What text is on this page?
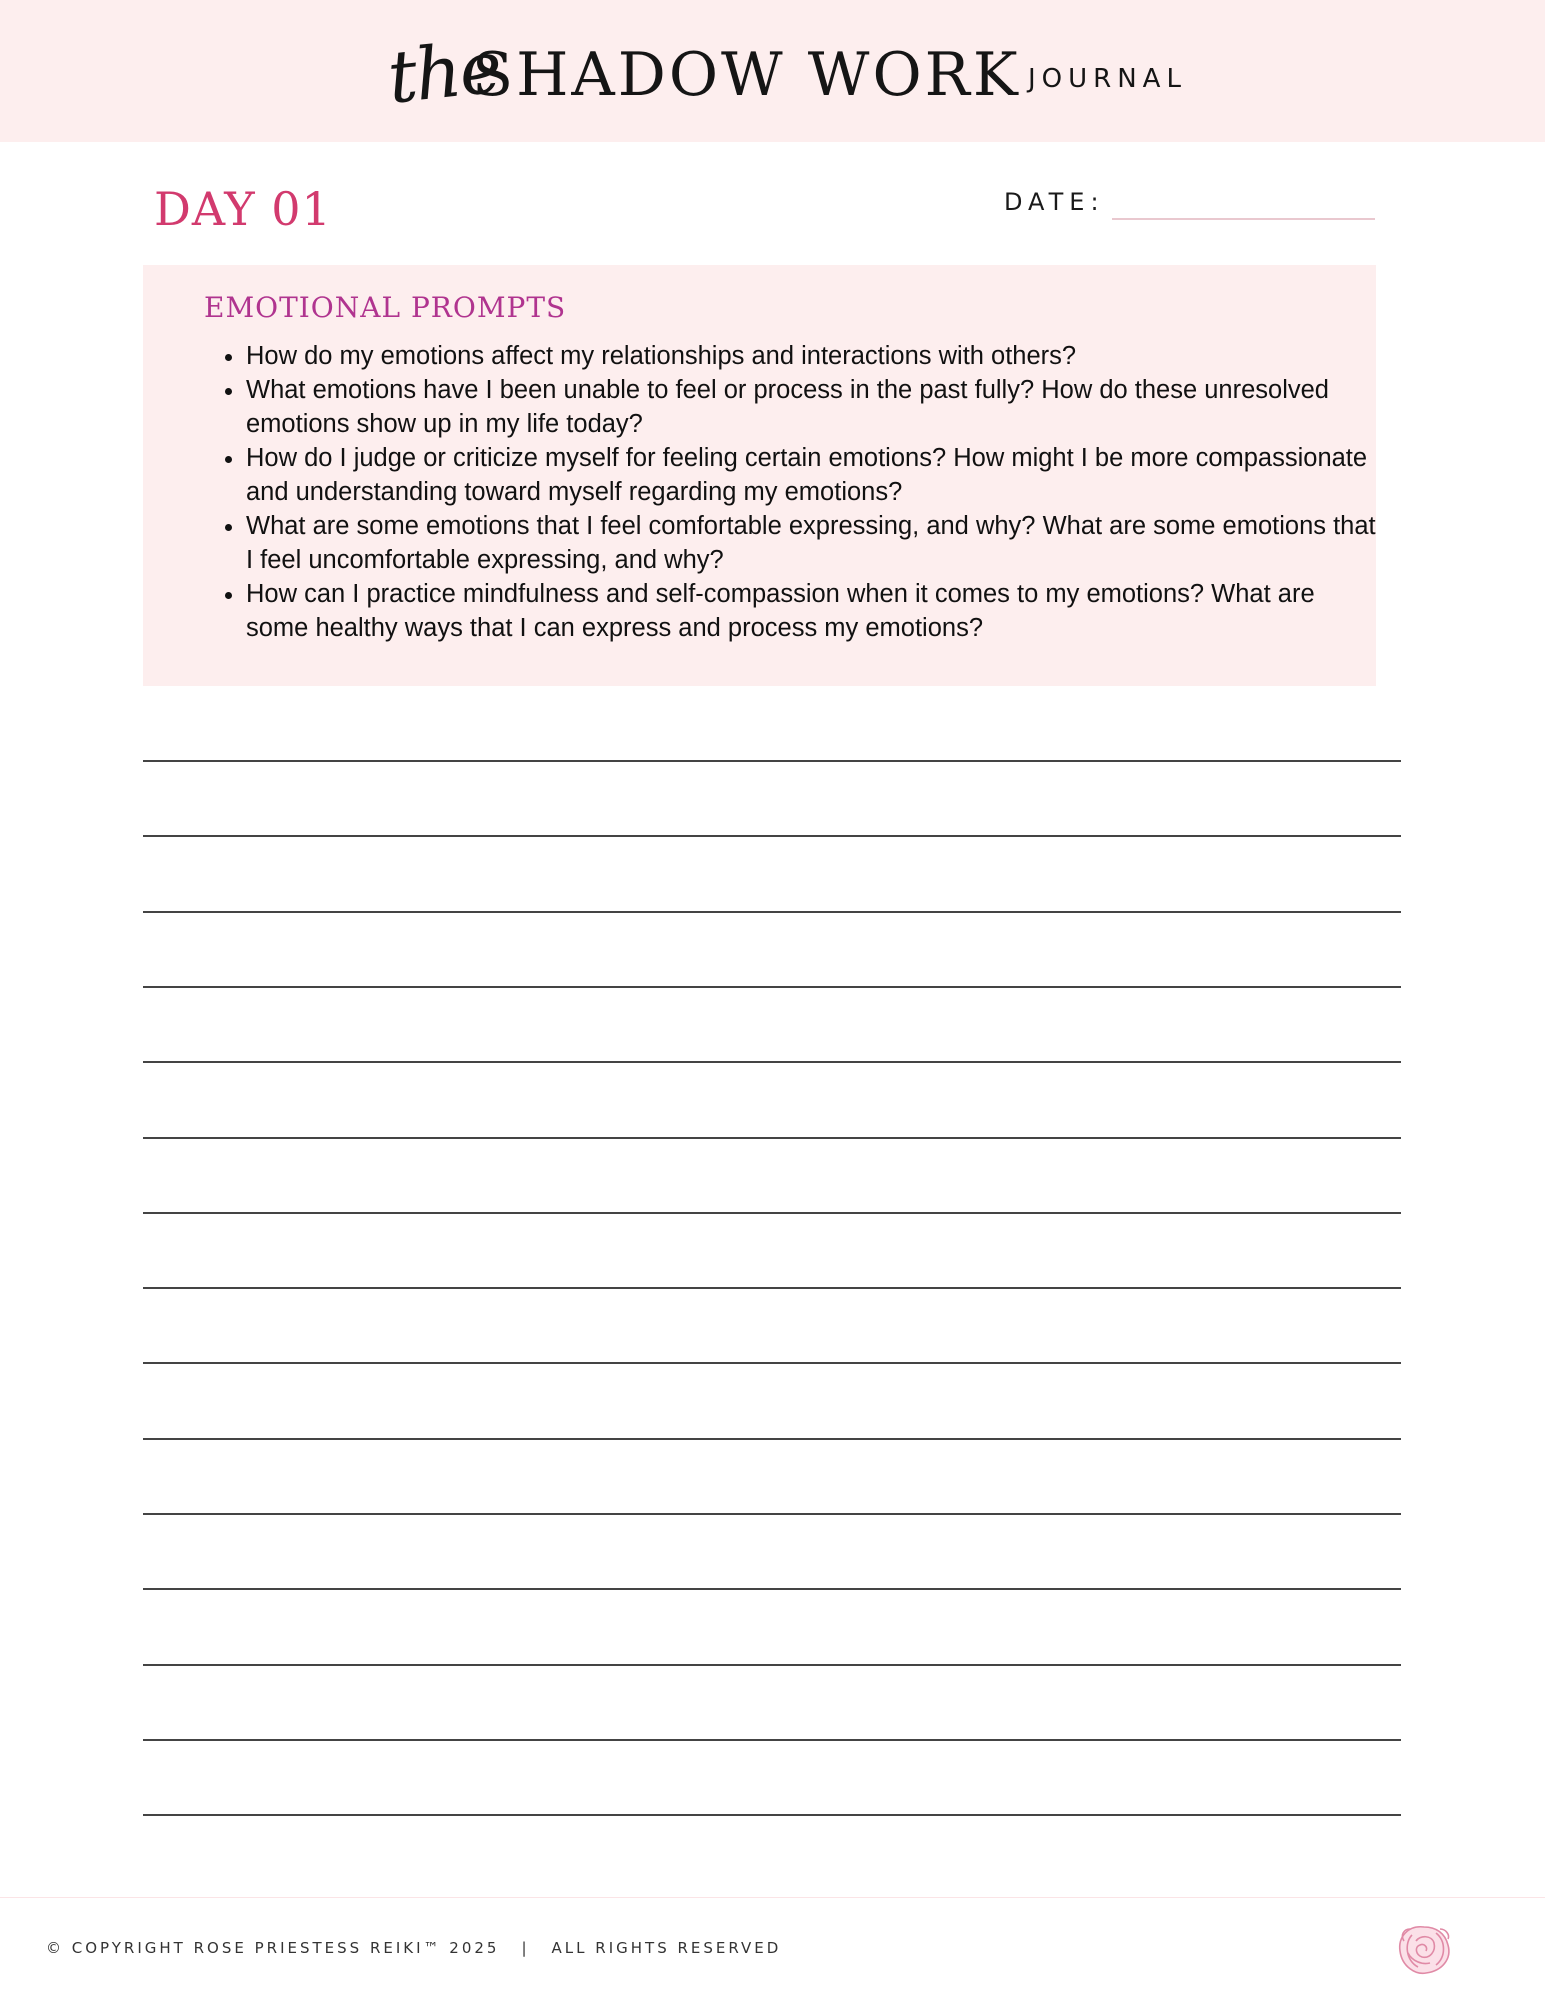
the
SHADOW WORK JOURNAL
DAY 01	DATE:
EMOTIONAL PROMPTS
• How do my emotions affect my relationships and interactions with others?
• What emotions have I been unable to feel or process in the past fully? How do these unresolved emotions show up in my life today?
• How do I judge or criticize myself for feeling certain emotions? How might I be more compassionate and understanding toward myself regarding my emotions?
• What are some emotions that I feel comfortable expressing, and why? What are some emotions that I feel uncomfortable expressing, and why?
• How can I practice mindfulness and self-compassion when it comes to my emotions? What are some healthy ways that I can express and process my emotions?
© COPYRIGHT ROSE PRIESTESS REIKI™ 2025 | ALL RIGHTS RESERVED
